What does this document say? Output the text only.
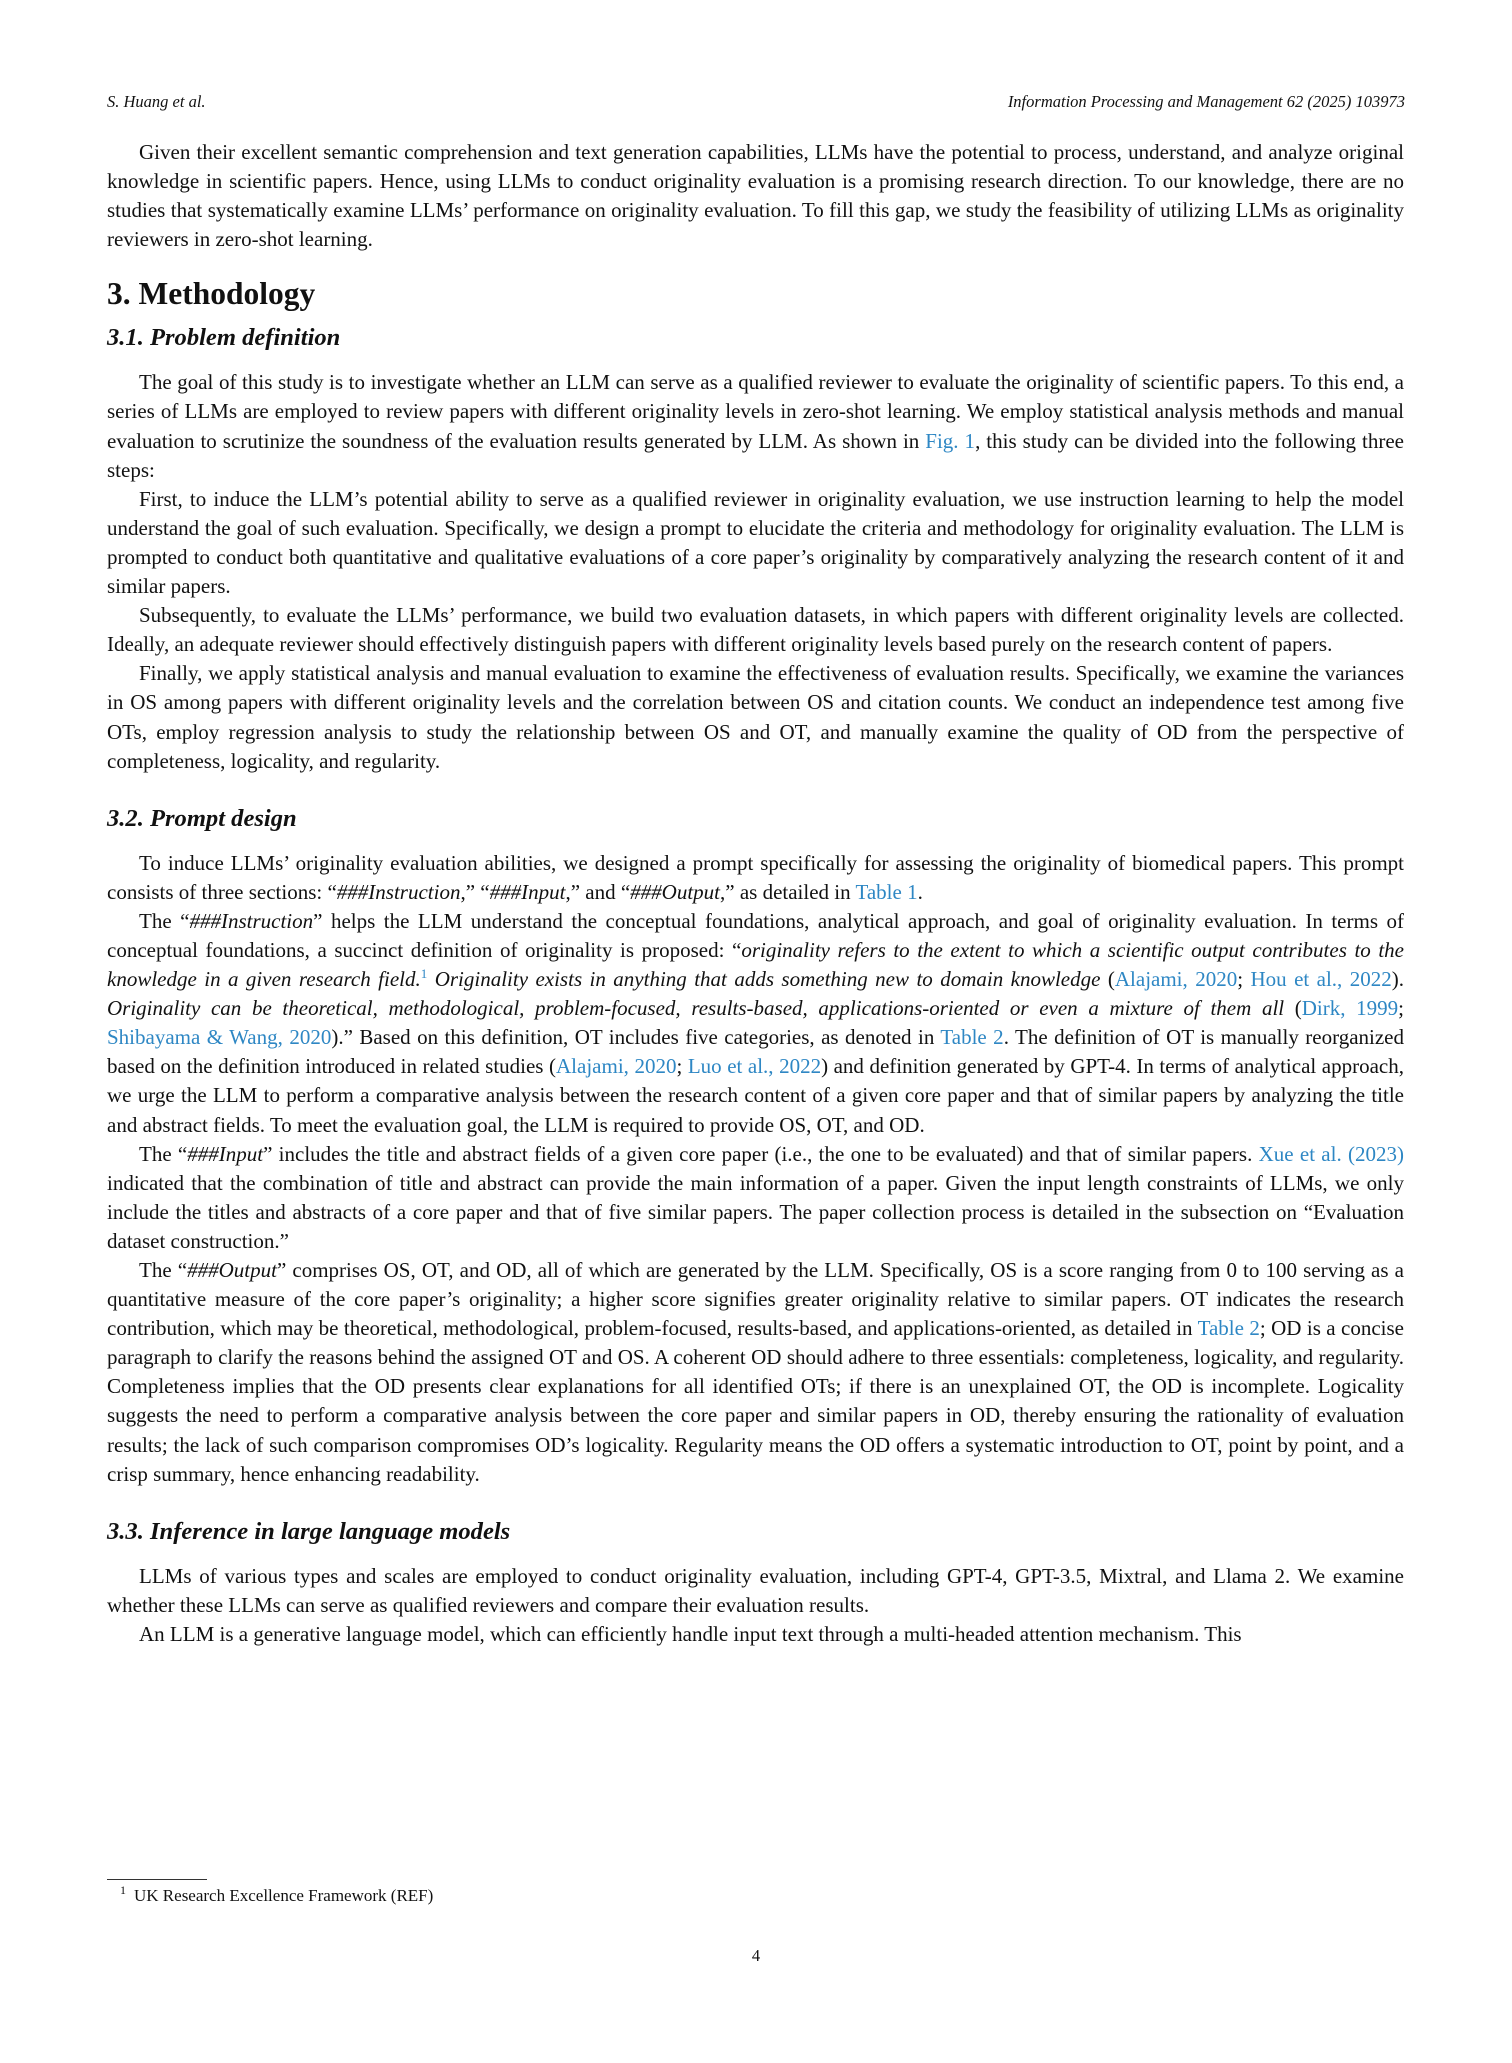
S. Huang et al.	Information Processing and Management 62 (2025) 103973

Given their excellent semantic comprehension and text generation capabilities, LLMs have the potential to process, understand, and analyze original knowledge in scientific papers. Hence, using LLMs to conduct originality evaluation is a promising research direction. To our knowledge, there are no studies that systematically examine LLMs’ performance on originality evaluation. To fill this gap, we study the feasibility of utilizing LLMs as originality reviewers in zero-shot learning.

3. Methodology
3.1. Problem definition

The goal of this study is to investigate whether an LLM can serve as a qualified reviewer to evaluate the originality of scientific papers. To this end, a series of LLMs are employed to review papers with different originality levels in zero-shot learning. We employ statistical analysis methods and manual evaluation to scrutinize the soundness of the evaluation results generated by LLM. As shown in Fig. 1, this study can be divided into the following three steps:

First, to induce the LLM’s potential ability to serve as a qualified reviewer in originality evaluation, we use instruction learning to help the model understand the goal of such evaluation. Specifically, we design a prompt to elucidate the criteria and methodology for originality evaluation. The LLM is prompted to conduct both quantitative and qualitative evaluations of a core paper’s originality by comparatively analyzing the research content of it and similar papers.

Subsequently, to evaluate the LLMs’ performance, we build two evaluation datasets, in which papers with different originality levels are collected. Ideally, an adequate reviewer should effectively distinguish papers with different originality levels based purely on the research content of papers.

Finally, we apply statistical analysis and manual evaluation to examine the effectiveness of evaluation results. Specifically, we examine the variances in OS among papers with different originality levels and the correlation between OS and citation counts. We conduct an independence test among five OTs, employ regression analysis to study the relationship between OS and OT, and manually examine the quality of OD from the perspective of completeness, logicality, and regularity.

3.2. Prompt design

To induce LLMs’ originality evaluation abilities, we designed a prompt specifically for assessing the originality of biomedical papers. This prompt consists of three sections: “###Instruction,” “###Input,” and “###Output,” as detailed in Table 1.

The “###Instruction” helps the LLM understand the conceptual foundations, analytical approach, and goal of originality evaluation. In terms of conceptual foundations, a succinct definition of originality is proposed: “originality refers to the extent to which a scientific output contributes to the knowledge in a given research field.$^1$ Originality exists in anything that adds something new to domain knowledge (Alajami, 2020; Hou et al., 2022). Originality can be theoretical, methodological, problem-focused, results-based, applications-oriented or even a mixture of them all (Dirk, 1999; Shibayama & Wang, 2020).” Based on this definition, OT includes five categories, as denoted in Table 2. The definition of OT is manually reorganized based on the definition introduced in related studies (Alajami, 2020; Luo et al., 2022) and definition generated by GPT-4. In terms of analytical approach, we urge the LLM to perform a comparative analysis between the research content of a given core paper and that of similar papers by analyzing the title and abstract fields. To meet the evaluation goal, the LLM is required to provide OS, OT, and OD.

The “###Input” includes the title and abstract fields of a given core paper (i.e., the one to be evaluated) and that of similar papers. Xue et al. (2023) indicated that the combination of title and abstract can provide the main information of a paper. Given the input length constraints of LLMs, we only include the titles and abstracts of a core paper and that of five similar papers. The paper collection process is detailed in the subsection on “Evaluation dataset construction.”

The “###Output” comprises OS, OT, and OD, all of which are generated by the LLM. Specifically, OS is a score ranging from 0 to 100 serving as a quantitative measure of the core paper’s originality; a higher score signifies greater originality relative to similar papers. OT indicates the research contribution, which may be theoretical, methodological, problem-focused, results-based, and applications-oriented, as detailed in Table 2; OD is a concise paragraph to clarify the reasons behind the assigned OT and OS. A coherent OD should adhere to three essentials: completeness, logicality, and regularity. Completeness implies that the OD presents clear explanations for all identified OTs; if there is an unexplained OT, the OD is incomplete. Logicality suggests the need to perform a comparative analysis between the core paper and similar papers in OD, thereby ensuring the rationality of evaluation results; the lack of such comparison compromises OD’s logicality. Regularity means the OD offers a systematic introduction to OT, point by point, and a crisp summary, hence enhancing readability.

3.3. Inference in large language models

LLMs of various types and scales are employed to conduct originality evaluation, including GPT-4, GPT-3.5, Mixtral, and Llama 2. We examine whether these LLMs can serve as qualified reviewers and compare their evaluation results.

An LLM is a generative language model, which can efficiently handle input text through a multi-headed attention mechanism. This

$^1$ UK Research Excellence Framework (REF)
4
